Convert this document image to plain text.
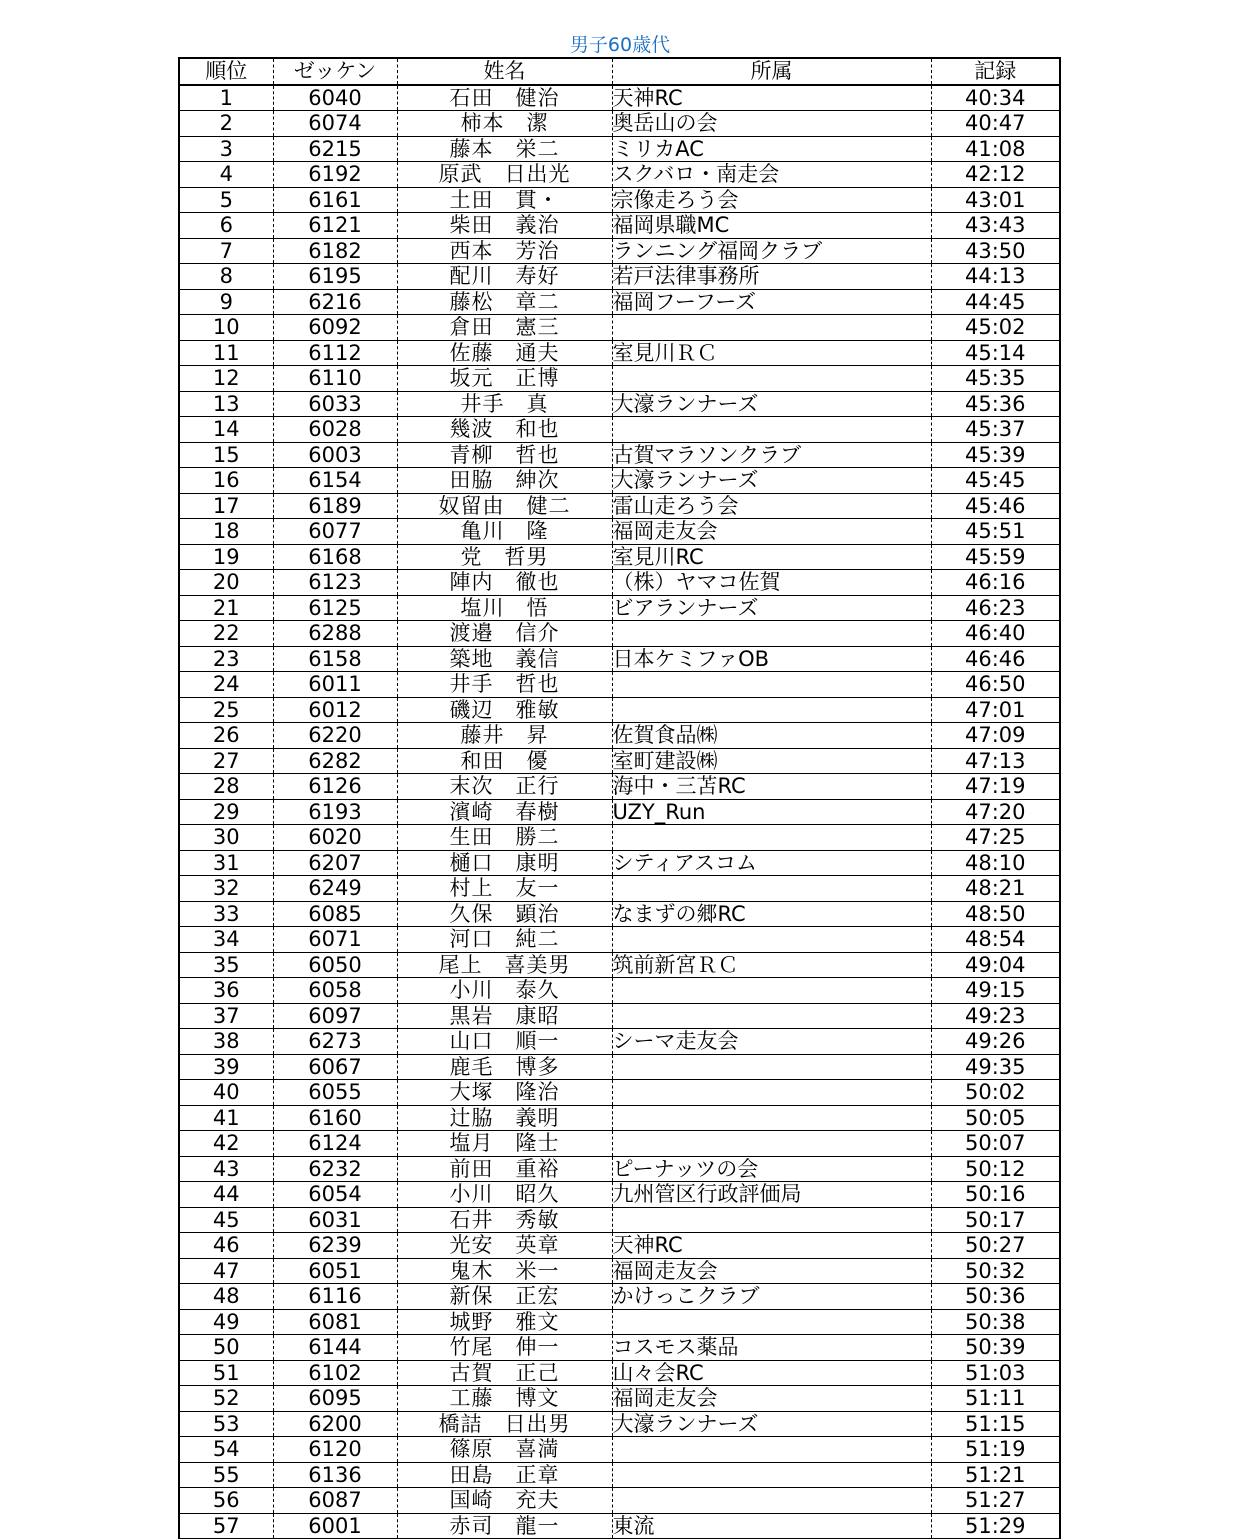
男子60歳代
順位	ゼッケン	姓名	所属	記録
1	6040	石田　健治	天神RC	40:34
2	6074	柿本　潔	奥岳山の会	40:47
3	6215	藤本　栄二	ミリカAC	41:08
4	6192	原武　日出光	スクバロ・南走会	42:12
5	6161	土田　貫・	宗像走ろう会	43:01
6	6121	柴田　義治	福岡県職MC	43:43
7	6182	西本　芳治	ランニング福岡クラブ	43:50
8	6195	配川　寿好	若戸法律事務所	44:13
9	6216	藤松　章二	福岡フーフーズ	44:45
10	6092	倉田　憲三		45:02
11	6112	佐藤　通夫	室見川ＲＣ	45:14
12	6110	坂元　正博		45:35
13	6033	井手　真	大濠ランナーズ	45:36
14	6028	幾波　和也		45:37
15	6003	青柳　哲也	古賀マラソンクラブ	45:39
16	6154	田脇　紳次	大濠ランナーズ	45:45
17	6189	奴留由　健二	雷山走ろう会	45:46
18	6077	亀川　隆	福岡走友会	45:51
19	6168	党　哲男	室見川RC	45:59
20	6123	陣内　徹也	（株）ヤマコ佐賀	46:16
21	6125	塩川　悟	ビアランナーズ	46:23
22	6288	渡邉　信介		46:40
23	6158	築地　義信	日本ケミファOB	46:46
24	6011	井手　哲也		46:50
25	6012	磯辺　雅敏		47:01
26	6220	藤井　昇	佐賀食品㈱	47:09
27	6282	和田　優	室町建設㈱	47:13
28	6126	末次　正行	海中・三苫RC	47:19
29	6193	濱崎　春樹	UZY_Run	47:20
30	6020	生田　勝二		47:25
31	6207	樋口　康明	シティアスコム	48:10
32	6249	村上　友一		48:21
33	6085	久保　顕治	なまずの郷RC	48:50
34	6071	河口　純二		48:54
35	6050	尾上　喜美男	筑前新宮ＲＣ	49:04
36	6058	小川　泰久		49:15
37	6097	黒岩　康昭		49:23
38	6273	山口　順一	シーマ走友会	49:26
39	6067	鹿毛　博多		49:35
40	6055	大塚　隆治		50:02
41	6160	辻脇　義明		50:05
42	6124	塩月　隆士		50:07
43	6232	前田　重裕	ピーナッツの会	50:12
44	6054	小川　昭久	九州管区行政評価局	50:16
45	6031	石井　秀敏		50:17
46	6239	光安　英章	天神RC	50:27
47	6051	鬼木　米一	福岡走友会	50:32
48	6116	新保　正宏	かけっこクラブ	50:36
49	6081	城野　雅文		50:38
50	6144	竹尾　伸一	コスモス薬品	50:39
51	6102	古賀　正己	山々会RC	51:03
52	6095	工藤　博文	福岡走友会	51:11
53	6200	橋詰　日出男	大濠ランナーズ	51:15
54	6120	篠原　喜満		51:19
55	6136	田島　正章		51:21
56	6087	国崎　充夫		51:27
57	6001	赤司　龍一	東流	51:29
